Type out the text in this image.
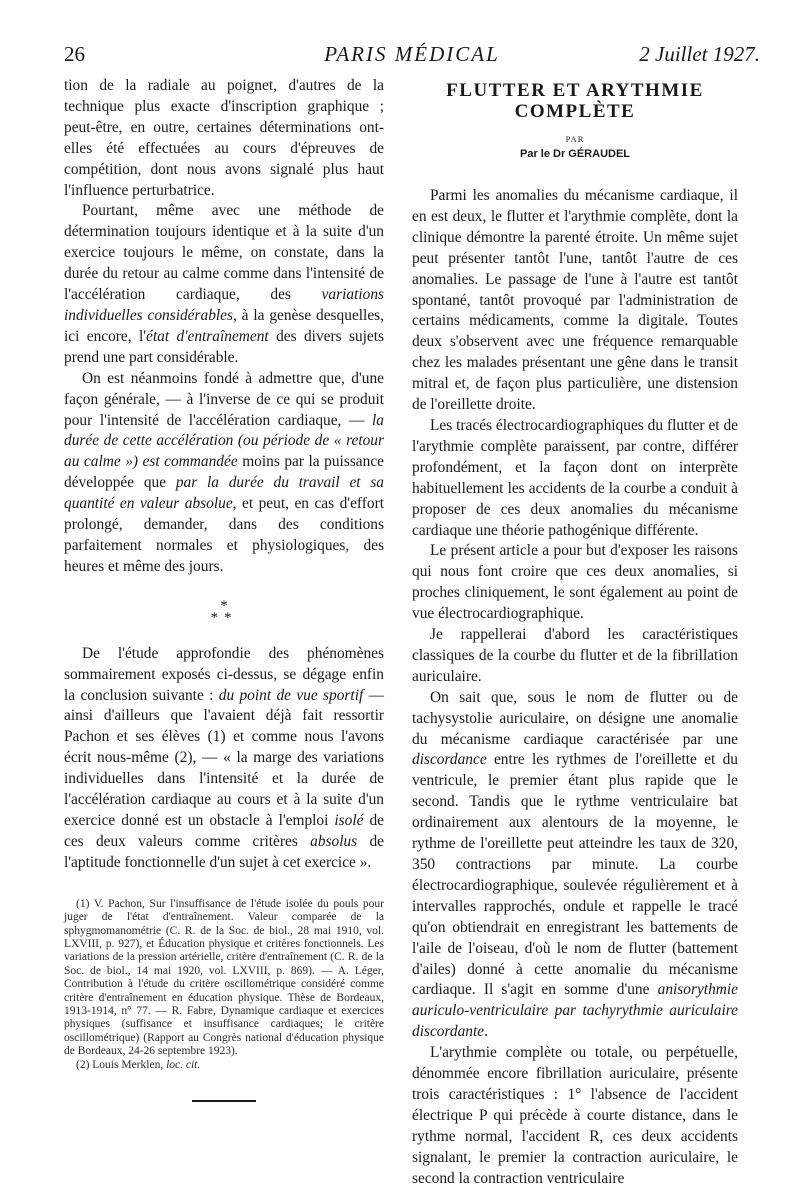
26	PARIS MÉDICAL	2 Juillet 1927.

tion de la radiale au poignet, d'autres de la technique plus exacte d'inscription graphique ; peut-être, en outre, certaines déterminations ont-elles été effectuées au cours d'épreuves de compétition, dont nous avons signalé plus haut l'influence perturbatrice.

Pourtant, même avec une méthode de détermination toujours identique et à la suite d'un exercice toujours le même, on constate, dans la durée du retour au calme comme dans l'intensité de l'accélération cardiaque, des variations individuelles considérables, à la genèse desquelles, ici encore, l'état d'entraînement des divers sujets prend une part considérable.

On est néanmoins fondé à admettre que, d'une façon générale, — à l'inverse de ce qui se produit pour l'intensité de l'accélération cardiaque, — la durée de cette accélération (ou période de « retour au calme ») est commandée moins par la puissance développée que par la durée du travail et sa quantité en valeur absolue, et peut, en cas d'effort prolongé, demander, dans des conditions parfaitement normales et physiologiques, des heures et même des jours.

*
**

De l'étude approfondie des phénomènes sommairement exposés ci-dessus, se dégage enfin la conclusion suivante : du point de vue sportif — ainsi d'ailleurs que l'avaient déjà fait ressortir Pachon et ses élèves (1) et comme nous l'avons écrit nous-même (2), — « la marge des variations individuelles dans l'intensité et la durée de l'accélération cardiaque au cours et à la suite d'un exercice donné est un obstacle à l'emploi isolé de ces deux valeurs comme critères absolus de l'aptitude fonctionnelle d'un sujet à cet exercice ».

(1) V. Pachon, Sur l'insuffisance de l'étude isolée du pouls pour juger de l'état d'entraînement. Valeur comparée de la sphygmomanométrie (C. R. de la Soc. de biol., 28 mai 1910, vol. LXVIII, p. 927), et Éducation physique et critères fonctionnels. Les variations de la pression artérielle, critère d'entraînement (C. R. de la Soc. de biol., 14 mai 1920, vol. LXVIII, p. 869). — A. Léger, Contribution à l'étude du critère oscillométrique considéré comme critère d'entraînement en éducation physique. Thèse de Bordeaux, 1913-1914, n° 77. — R. Fabre, Dynamique cardiaque et exercices physiques (suffisance et insuffisance cardiaques; le critère oscillométrique) (Rapport au Congrès national d'éducation physique de Bordeaux, 24-26 septembre 1923).

(2) Louis Merklen, loc. cit.

FLUTTER ET ARYTHMIE
COMPLÈTE
PAR
Par le Dr GÉRAUDEL

Parmi les anomalies du mécanisme cardiaque, il en est deux, le flutter et l'arythmie complète, dont la clinique démontre la parenté étroite. Un même sujet peut présenter tantôt l'une, tantôt l'autre de ces anomalies. Le passage de l'une à l'autre est tantôt spontané, tantôt provoqué par l'administration de certains médicaments, comme la digitale. Toutes deux s'observent avec une fréquence remarquable chez les malades présentant une gêne dans le transit mitral et, de façon plus particulière, une distension de l'oreillette droite.

Les tracés électrocardiographiques du flutter et de l'arythmie complète paraissent, par contre, différer profondément, et la façon dont on interprète habituellement les accidents de la courbe a conduit à proposer de ces deux anomalies du mécanisme cardiaque une théorie pathogénique différente.

Le présent article a pour but d'exposer les raisons qui nous font croire que ces deux anomalies, si proches cliniquement, le sont également au point de vue électrocardiographique.

Je rappellerai d'abord les caractéristiques classiques de la courbe du flutter et de la fibrillation auriculaire.

On sait que, sous le nom de flutter ou de tachysystolie auriculaire, on désigne une anomalie du mécanisme cardiaque caractérisée par une discordance entre les rythmes de l'oreillette et du ventricule, le premier étant plus rapide que le second. Tandis que le rythme ventriculaire bat ordinairement aux alentours de la moyenne, le rythme de l'oreillette peut atteindre les taux de 320, 350 contractions par minute. La courbe électrocardiographique, soulevée régulièrement et à intervalles rapprochés, ondule et rappelle le tracé qu'on obtiendrait en enregistrant les battements de l'aile de l'oiseau, d'où le nom de flutter (battement d'ailes) donné à cette anomalie du mécanisme cardiaque. Il s'agit en somme d'une anisorythmie auriculo-ventriculaire par tachyrythmie auriculaire discordante.

L'arythmie complète ou totale, ou perpétuelle, dénommée encore fibrillation auriculaire, présente trois caractéristiques : 1° l'absence de l'accident électrique P qui précède à courte distance, dans le rythme normal, l'accident R, ces deux accidents signalant, le premier la contraction auriculaire, le second la contraction ventriculaire
